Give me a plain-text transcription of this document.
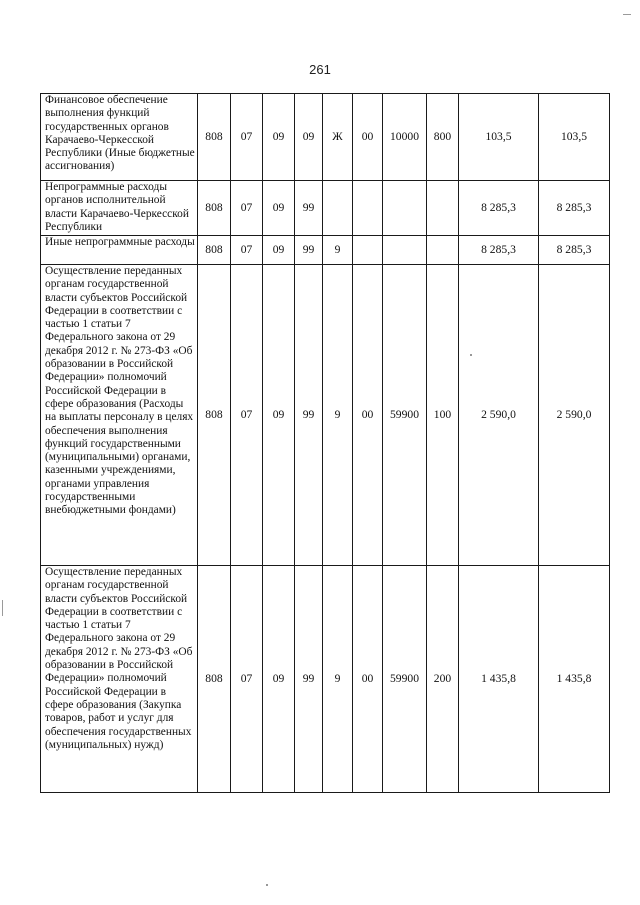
261
Финансовое обеспечение выполнения функций государственных органов Карачаево-Черкесской Республики (Иные бюджетные ассигнования)	808	07	09	09	Ж	00	10000	800	103,5	103,5
Непрограммные расходы органов исполнительной власти Карачаево-Черкесской Республики	808	07	09	99					8 285,3	8 285,3
Иные непрограммные расходы	808	07	09	99	9				8 285,3	8 285,3
Осуществление переданных органам государственной власти субъектов Российской Федерации в соответствии с частью 1 статьи 7 Федерального закона от 29 декабря 2012 г. № 273-ФЗ «Об образовании в Российской Федерации» полномочий Российской Федерации в сфере образования (Расходы на выплаты персоналу в целях обеспечения выполнения функций государственными (муниципальными) органами, казенными учреждениями, органами управления государственными внебюджетными фондами)	808	07	09	99	9	00	59900	100	2 590,0	2 590,0
Осуществление переданных органам государственной власти субъектов Российской Федерации в соответствии с частью 1 статьи 7 Федерального закона от 29 декабря 2012 г. № 273-ФЗ «Об образовании в Российской Федерации» полномочий Российской Федерации в сфере образования (Закупка товаров, работ и услуг для обеспечения государственных (муниципальных) нужд)	808	07	09	99	9	00	59900	200	1 435,8	1 435,8
